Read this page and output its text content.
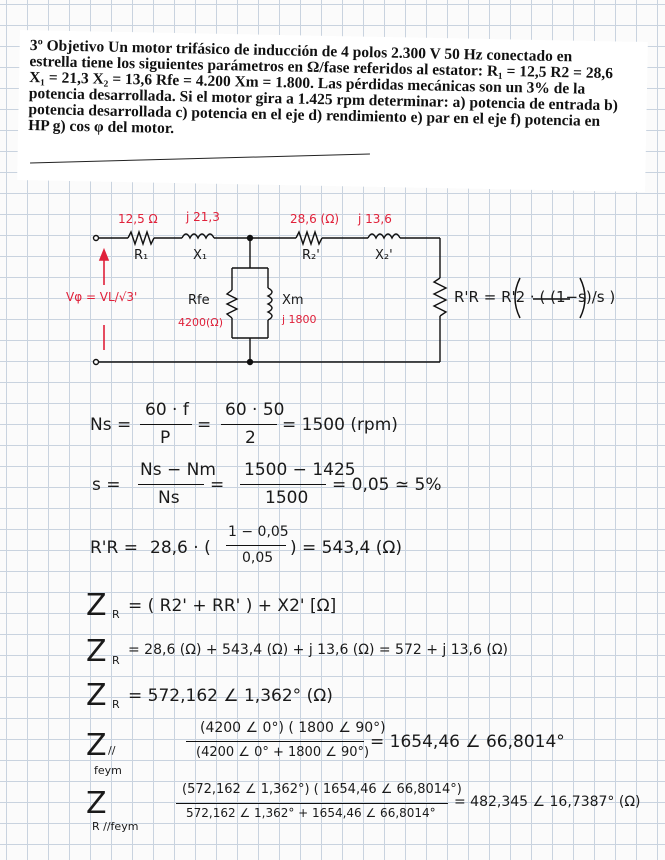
3º Objetivo Un motor trifásico de inducción de 4 polos 2.300 V 50 Hz conectado en estrella tiene los siguientes parámetros en Ω/fase referidos al estator: R₁ = 12,5 R2 = 28,6 X₁ = 21,3 X₂ = 13,6 Rfe = 4.200 Xm = 1.800. Las pérdidas mecánicas son un 3% de la potencia desarrollada. Si el motor gira a 1.425 rpm determinar: a) potencia de entrada b) potencia desarrollada c) potencia en el eje d) rendimiento e) par en el eje f) potencia en HP g) cos φ del motor.
12,5 Ω j 21,3	28,6 (Ω) j 13,6
R₁	X₁	R₂'	X₂'
Rfe
4200(Ω)
Xm
j 1800
Vφ = VL/√3'	R'R = R'2 · ( (1−s)/s )
Ns =
60 · f
P
=
60 · 50
2
= 1500 (rpm)
s =
Ns − Nm
Ns
=
1500 − 1425
1500
= 0,05 ≃ 5%
R'R = 28,6 · (
1 − 0,05
0,05 ) = 543,4 (Ω)
Z R = ( R2' + RR' ) + X2' [Ω]
Z R
= 28,6 (Ω) + 543,4 (Ω) + j 13,6 (Ω) = 572 + j 13,6 (Ω)
Z R = 572,162 ∠ 1,362° (Ω)
Z //
feym
(4200 ∠ 0°) ( 1800 ∠ 90°)
(4200 ∠ 0° + 1800 ∠ 90°)
= 1654,46 ∠ 66,8014°
Z
R //feym
(572,162 ∠ 1,362°) ( 1654,46 ∠ 66,8014°)
572,162 ∠ 1,362° + 1654,46 ∠ 66,8014°
= 482,345 ∠ 16,7387° (Ω)
